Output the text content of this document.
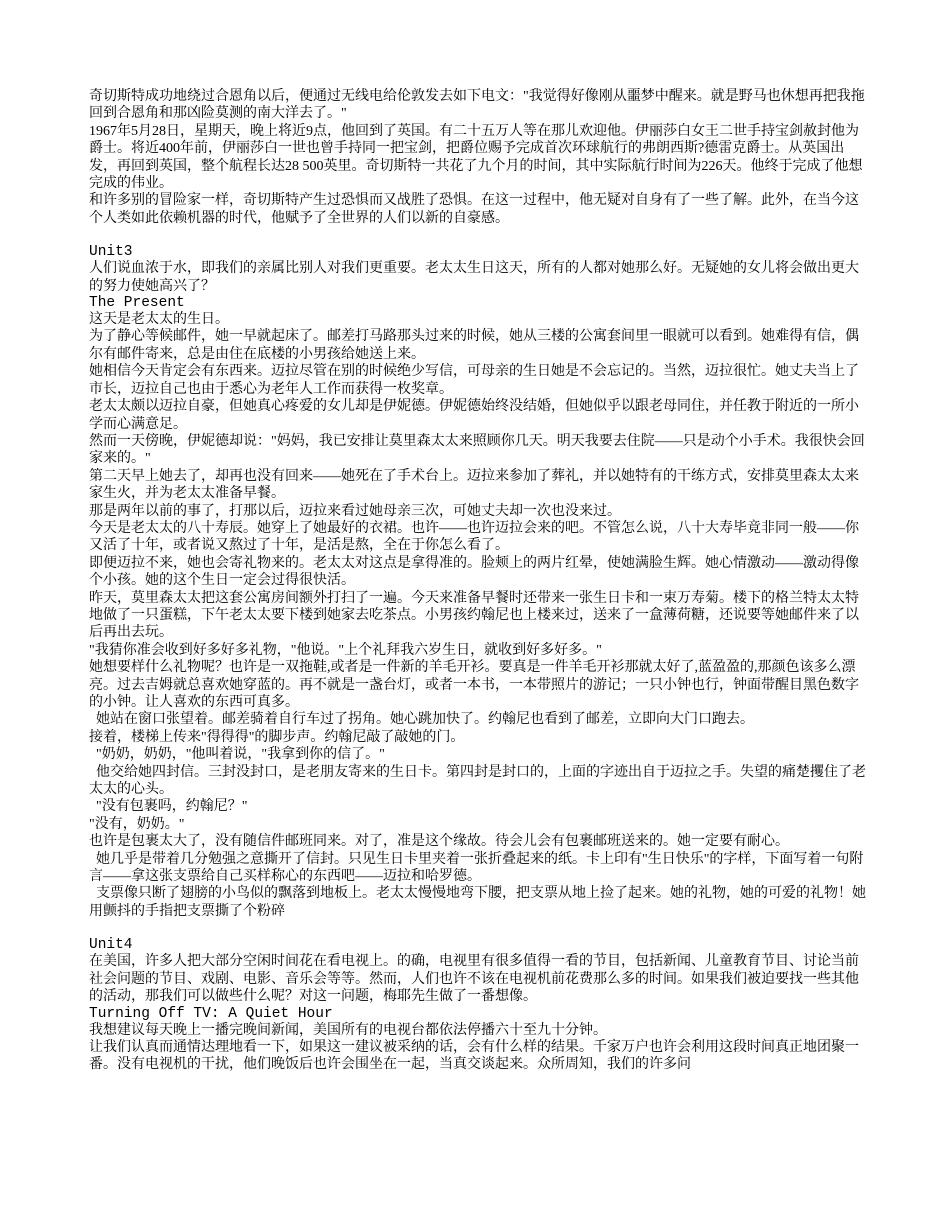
奇切斯特成功地绕过合恩角以后，便通过无线电给伦敦发去如下电文："我觉得好像刚从噩梦中醒来。就是野马也休想再把我拖回到合恩角和那凶险莫测的南大洋去了。"

1967年5月28日，星期天，晚上将近9点，他回到了英国。有二十五万人等在那儿欢迎他。伊丽莎白女王二世手持宝剑赦封他为爵士。将近400年前，伊丽莎白一世也曾手持同一把宝剑，把爵位赐予完成首次环球航行的弗朗西斯?德雷克爵士。从英国出发，再回到英国，整个航程长达28 500英里。奇切斯特一共花了九个月的时间，其中实际航行时间为226天。他终于完成了他想完成的伟业。

和许多别的冒险家一样，奇切斯特产生过恐惧而又战胜了恐惧。在这一过程中，他无疑对自身有了一些了解。此外，在当今这个人类如此依赖机器的时代，他赋予了全世界的人们以新的自豪感。

Unit3

人们说血浓于水，即我们的亲属比别人对我们更重要。老太太生日这天，所有的人都对她那么好。无疑她的女儿将会做出更大的努力使她高兴了？

The Present

这天是老太太的生日。

为了静心等候邮件，她一早就起床了。邮差打马路那头过来的时候，她从三楼的公寓套间里一眼就可以看到。她难得有信，偶尔有邮件寄来，总是由住在底楼的小男孩给她送上来。

她相信今天肯定会有东西来。迈拉尽管在别的时候绝少写信，可母亲的生日她是不会忘记的。当然，迈拉很忙。她丈夫当上了市长，迈拉自己也由于悉心为老年人工作而获得一枚奖章。

老太太颇以迈拉自豪，但她真心疼爱的女儿却是伊妮德。伊妮德始终没结婚，但她似乎以跟老母同住，并任教于附近的一所小学而心满意足。

然而一天傍晚，伊妮德却说："妈妈，我已安排让莫里森太太来照顾你几天。明天我要去住院——只是动个小手术。我很快会回家来的。"

第二天早上她去了，却再也没有回来——她死在了手术台上。迈拉来参加了葬礼，并以她特有的干练方式，安排莫里森太太来家生火，并为老太太准备早餐。

那是两年以前的事了，打那以后，迈拉来看过她母亲三次，可她丈夫却一次也没来过。

今天是老太太的八十寿辰。她穿上了她最好的衣裙。也许——也许迈拉会来的吧。不管怎么说，八十大寿毕竟非同一般——你又活了十年，或者说又熬过了十年，是活是熬，全在于你怎么看了。

即便迈拉不来，她也会寄礼物来的。老太太对这点是拿得准的。脸颊上的两片红晕，使她满脸生辉。她心情激动——激动得像个小孩。她的这个生日一定会过得很快活。

昨天，莫里森太太把这套公寓房间额外打扫了一遍。今天来准备早餐时还带来一张生日卡和一束万寿菊。楼下的格兰特太太特地做了一只蛋糕，下午老太太要下楼到她家去吃茶点。小男孩约翰尼也上楼来过，送来了一盒薄荷糖，还说要等她邮件来了以后再出去玩。

"我猜你准会收到好多好多礼物，"他说。"上个礼拜我六岁生日，就收到好多好多。"

她想要样什么礼物呢？也许是一双拖鞋,或者是一件新的羊毛开衫。要真是一件羊毛开衫那就太好了,蓝盈盈的,那颜色该多么漂亮。过去吉姆就总喜欢她穿蓝的。再不就是一盏台灯，或者一本书，一本带照片的游记；一只小钟也行，钟面带醒目黑色数字的小钟。让人喜欢的东西可真多。

她站在窗口张望着。邮差骑着自行车过了拐角。她心跳加快了。约翰尼也看到了邮差，立即向大门口跑去。

接着，楼梯上传来"得得得"的脚步声。约翰尼敲了敲她的门。

"奶奶，奶奶，"他叫着说，"我拿到你的信了。"

他交给她四封信。三封没封口，是老朋友寄来的生日卡。第四封是封口的，上面的字迹出自于迈拉之手。失望的痛楚攫住了老太太的心头。

"没有包裹吗，约翰尼？"

"没有，奶奶。"

也许是包裹太大了，没有随信件邮班同来。对了，准是这个缘故。待会儿会有包裹邮班送来的。她一定要有耐心。

她几乎是带着几分勉强之意撕开了信封。只见生日卡里夹着一张折叠起来的纸。卡上印有"生日快乐"的字样，下面写着一句附言——拿这张支票给自己买样称心的东西吧——迈拉和哈罗德。

支票像只断了翅膀的小鸟似的飘落到地板上。老太太慢慢地弯下腰，把支票从地上捡了起来。她的礼物，她的可爱的礼物！她用颤抖的手指把支票撕了个粉碎

Unit4

在美国，许多人把大部分空闲时间花在看电视上。的确，电视里有很多值得一看的节目，包括新闻、儿童教育节目、讨论当前社会问题的节目、戏剧、电影、音乐会等等。然而，人们也许不该在电视机前花费那么多的时间。如果我们被迫要找一些其他的活动，那我们可以做些什么呢？对这一问题，梅耶先生做了一番想像。

Turning Off TV: A Quiet Hour

我想建议每天晚上一播完晚间新闻，美国所有的电视台都依法停播六十至九十分钟。

让我们认真而通情达理地看一下，如果这一建议被采纳的话，会有什么样的结果。千家万户也许会利用这段时间真正地团聚一番。没有电视机的干扰，他们晚饭后也许会围坐在一起，当真交谈起来。众所周知，我们的许多问
